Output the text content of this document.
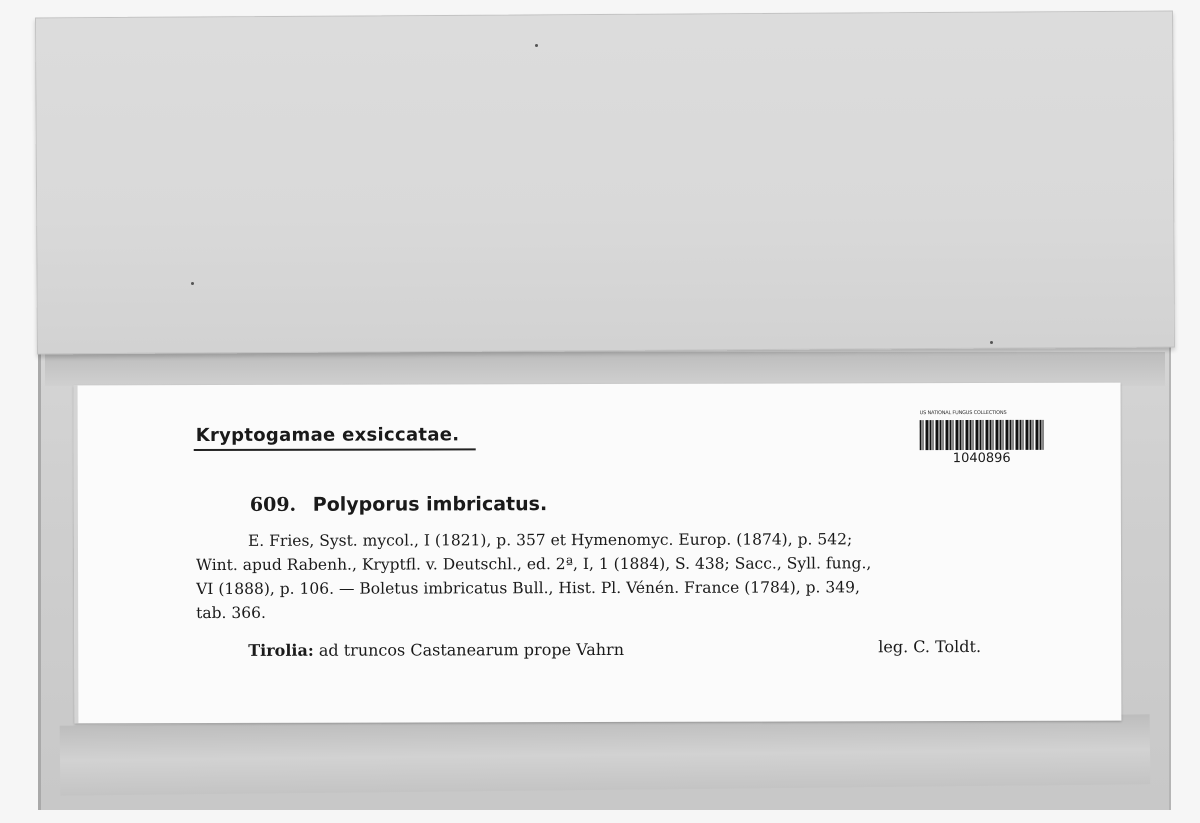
Kryptogamae exsiccatae.
US NATIONAL FUNGUS COLLECTIONS
1040896
609. Polyporus imbricatus.
E. Fries, Syst. mycol., I (1821), p. 357 et Hymenomyc. Europ. (1874), p. 542;
Wint. apud Rabenh., Kryptfl. v. Deutschl., ed. 2ª, I, 1 (1884), S. 438; Sacc., Syll. fung.,
VI (1888), p. 106. — Boletus imbricatus Bull., Hist. Pl. Vénén. France (1784), p. 349,
tab. 366.
Tirolia: ad truncos Castanearum prope Vahrn	leg. C. Toldt.
